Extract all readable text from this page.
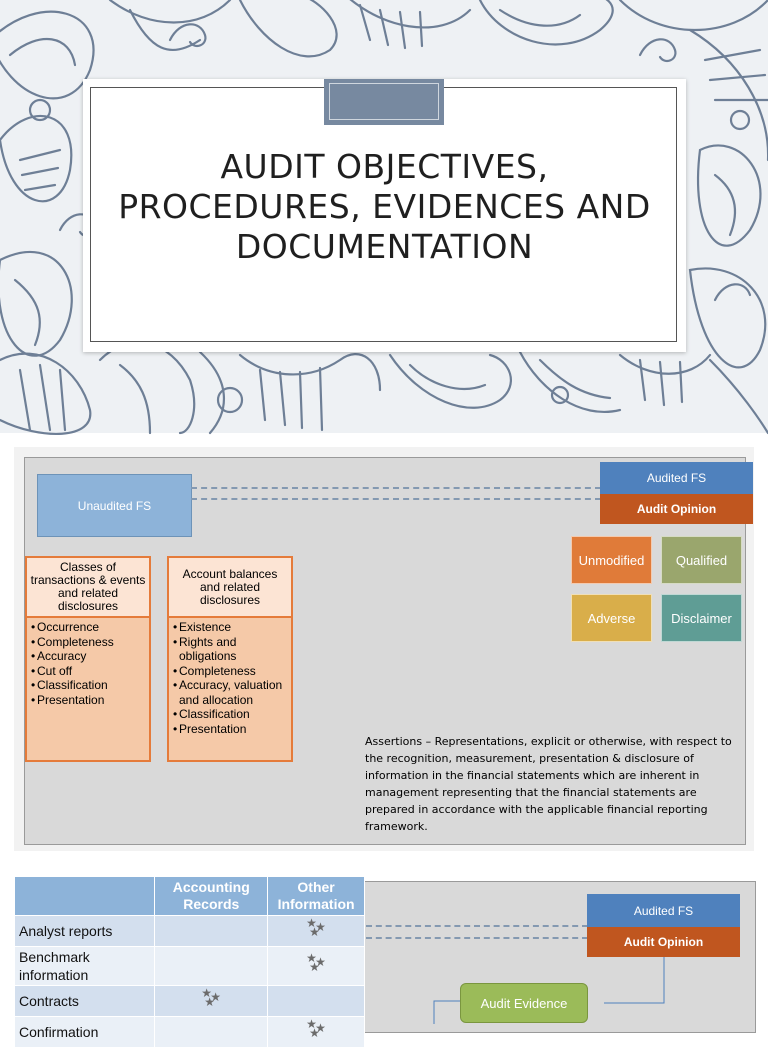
AUDIT OBJECTIVES,
PROCEDURES, EVIDENCES AND
DOCUMENTATION
Unaudited FS
Audited FS
Audit Opinion
Unmodified	Qualified
Adverse	Disclaimer
Classes of transactions & events and related disclosures
• Occurrence
• Completeness
• Accuracy
• Cut off
• Classification
• Presentation
Account balances and related disclosures
• Existence
• Rights and obligations
• Completeness
• Accuracy, valuation and allocation
• Classification
• Presentation
Assertions – Representations, explicit or otherwise, with respect to the recognition, measurement, presentation & disclosure of information in the financial statements which are inherent in management representing that the financial statements are prepared in accordance with the applicable financial reporting framework.
Audited FS
Audit Opinion
Audit Evidence
	Accounting Records	Other Information
Analyst reports		★ ★
★

Benchmark information		★ ★
★

Contracts	★ ★
★	

Confirmation		★ ★
★
